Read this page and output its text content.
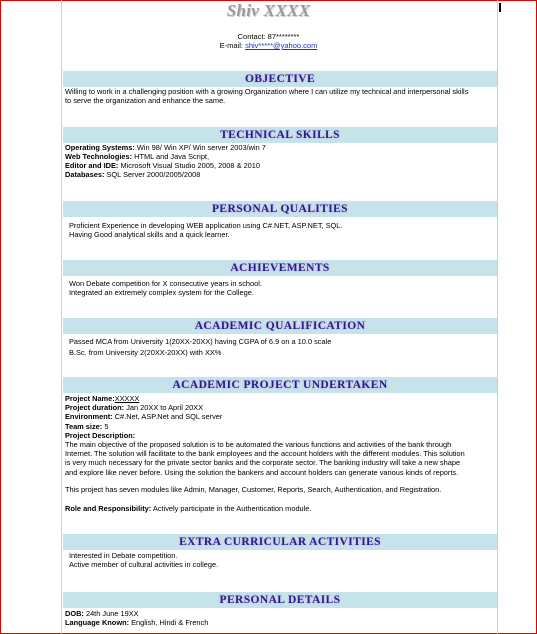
Shiv XXXX
Contact: 87********
E-mail: shiv*****@yahoo.com
OBJECTIVE
Willing to work in a challenging position with a growing Organization where I can utilize my technical and interpersonal skills
to serve the organization and enhance the same.
TECHNICAL SKILLS
Operating Systems: Win 98/ Win XP/ Win server 2003/win 7
Web Technologies: HTML and Java Script,
Editor and IDE: Microsoft Visual Studio 2005, 2008 & 2010
Databases: SQL Server 2000/2005/2008
PERSONAL QUALITIES
Proficient Experience in developing WEB application using C#.NET, ASP.NET, SQL.
Having Good analytical skills and a quick learner.
ACHIEVEMENTS
Won Debate competition for X consecutive years in school.
Integrated an extremely complex system for the College.
ACADEMIC QUALIFICATION
Passed MCA from University 1(20XX-20XX) having CGPA of 6.9 on a 10.0 scale
B.Sc. from University 2(20XX-20XX) with XX%
ACADEMIC PROJECT UNDERTAKEN
Project Name:XXXXX
Project duration: Jan 20XX to April 20XX
Environment: C#.Net, ASP.Net and SQL server
Team size: 5
Project Description:
The main objective of the proposed solution is to be automated the various functions and activities of the bank through
Internet. The solution will facilitate to the bank employees and the account holders with the different modules. This solution
is very much necessary for the private sector banks and the corporate sector. The banking industry will take a new shape
and explore like never before. Using the solution the bankers and account holders can generate various kinds of reports.
This project has seven modules like Admin, Manager, Customer, Reports, Search, Authentication, and Registration.
Role and Responsibility: Actively participate in the Authentication module.
EXTRA CURRICULAR ACTIVITIES
Interested in Debate competition.
Active member of cultural activities in college.
PERSONAL DETAILS
DOB: 24th June 19XX
Language Known: English, Hindi & French
